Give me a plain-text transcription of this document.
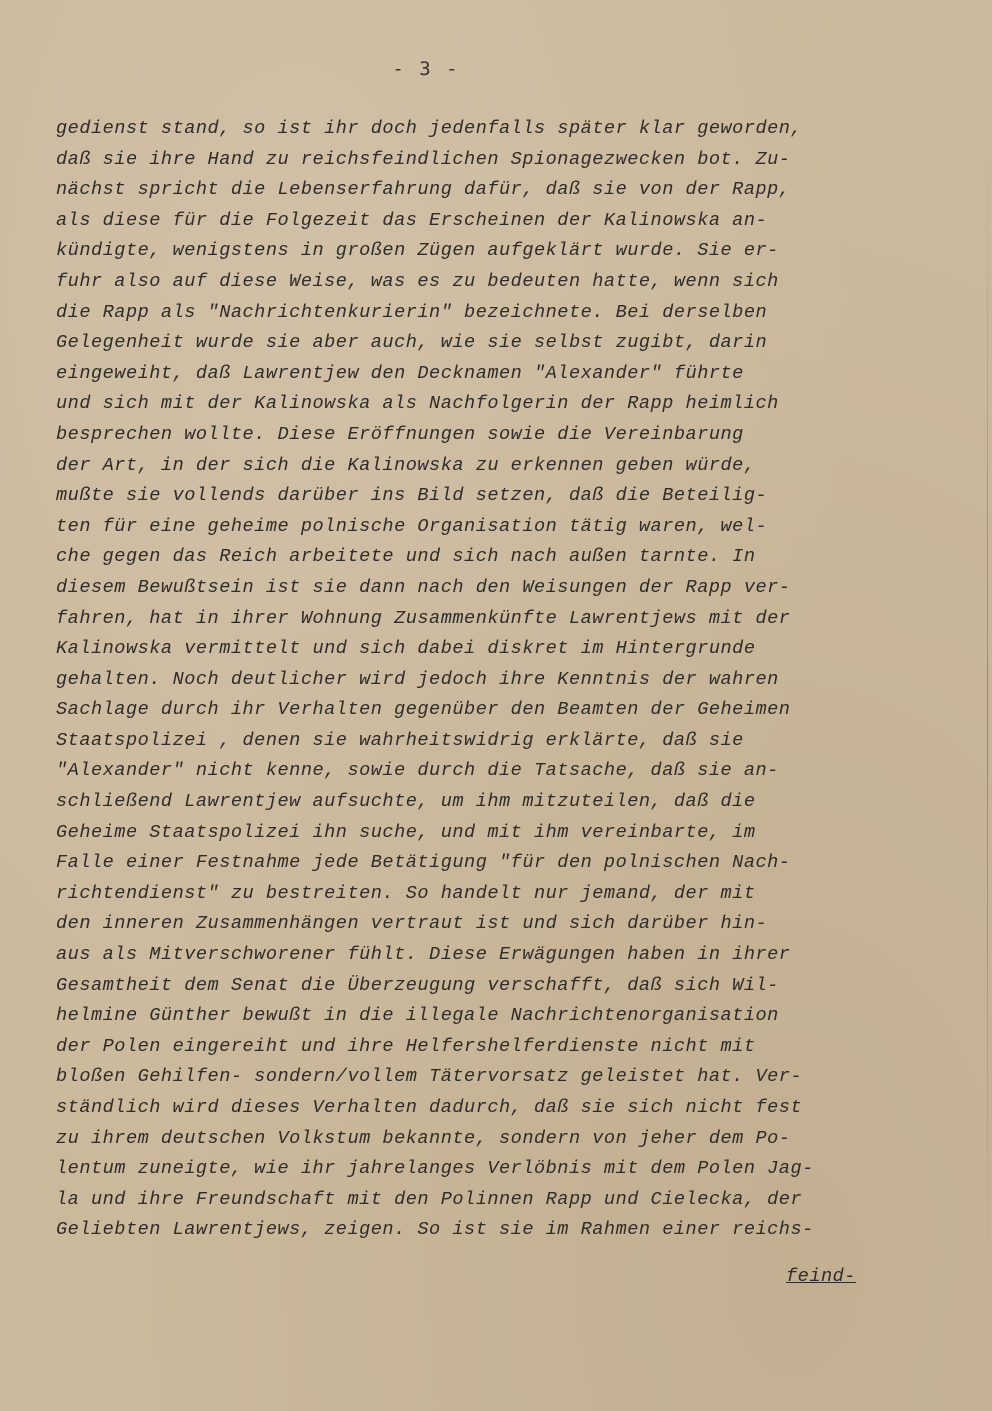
- 3 -
gedienst stand, so ist ihr doch jedenfalls später klar geworden,
daß sie ihre Hand zu reichsfeindlichen Spionagezwecken bot. Zu-
nächst spricht die Lebenserfahrung dafür, daß sie von der Rapp,
als diese für die Folgezeit das Erscheinen der Kalinowska an-
kündigte, wenigstens in großen Zügen aufgeklärt wurde. Sie er-
fuhr also auf diese Weise, was es zu bedeuten hatte, wenn sich
die Rapp als "Nachrichtenkurierin" bezeichnete. Bei derselben
Gelegenheit wurde sie aber auch, wie sie selbst zugibt, darin
eingeweiht, daß Lawrentjew den Decknamen "Alexander" führte
und sich mit der Kalinowska als Nachfolgerin der Rapp heimlich
besprechen wollte. Diese Eröffnungen sowie die Vereinbarung
der Art, in der sich die Kalinowska zu erkennen geben würde,
mußte sie vollends darüber ins Bild setzen, daß die Beteilig-
ten für eine geheime polnische Organisation tätig waren, wel-
che gegen das Reich arbeitete und sich nach außen tarnte. In
diesem Bewußtsein ist sie dann nach den Weisungen der Rapp ver-
fahren, hat in ihrer Wohnung Zusammenkünfte Lawrentjews mit der
Kalinowska vermittelt und sich dabei diskret im Hintergrunde
gehalten. Noch deutlicher wird jedoch ihre Kenntnis der wahren
Sachlage durch ihr Verhalten gegenüber den Beamten der Geheimen
Staatspolizei , denen sie wahrheitswidrig erklärte, daß sie
"Alexander" nicht kenne, sowie durch die Tatsache, daß sie an-
schließend Lawrentjew aufsuchte, um ihm mitzuteilen, daß die
Geheime Staatspolizei ihn suche, und mit ihm vereinbarte, im
Falle einer Festnahme jede Betätigung "für den polnischen Nach-
richtendienst" zu bestreiten. So handelt nur jemand, der mit
den inneren Zusammenhängen vertraut ist und sich darüber hin-
aus als Mitverschworener fühlt. Diese Erwägungen haben in ihrer
Gesamtheit dem Senat die Überzeugung verschafft, daß sich Wil-
helmine Günther bewußt in die illegale Nachrichtenorganisation
der Polen eingereiht und ihre Helfershelferdienste nicht mit
bloßen Gehilfen- sondern/vollem Tätervorsatz geleistet hat. Ver-
ständlich wird dieses Verhalten dadurch, daß sie sich nicht fest
zu ihrem deutschen Volkstum bekannte, sondern von jeher dem Po-
lentum zuneigte, wie ihr jahrelanges Verlöbnis mit dem Polen Jag-
la und ihre Freundschaft mit den Polinnen Rapp und Cielecka, der
Geliebten Lawrentjews, zeigen. So ist sie im Rahmen einer reichs-
feind-
